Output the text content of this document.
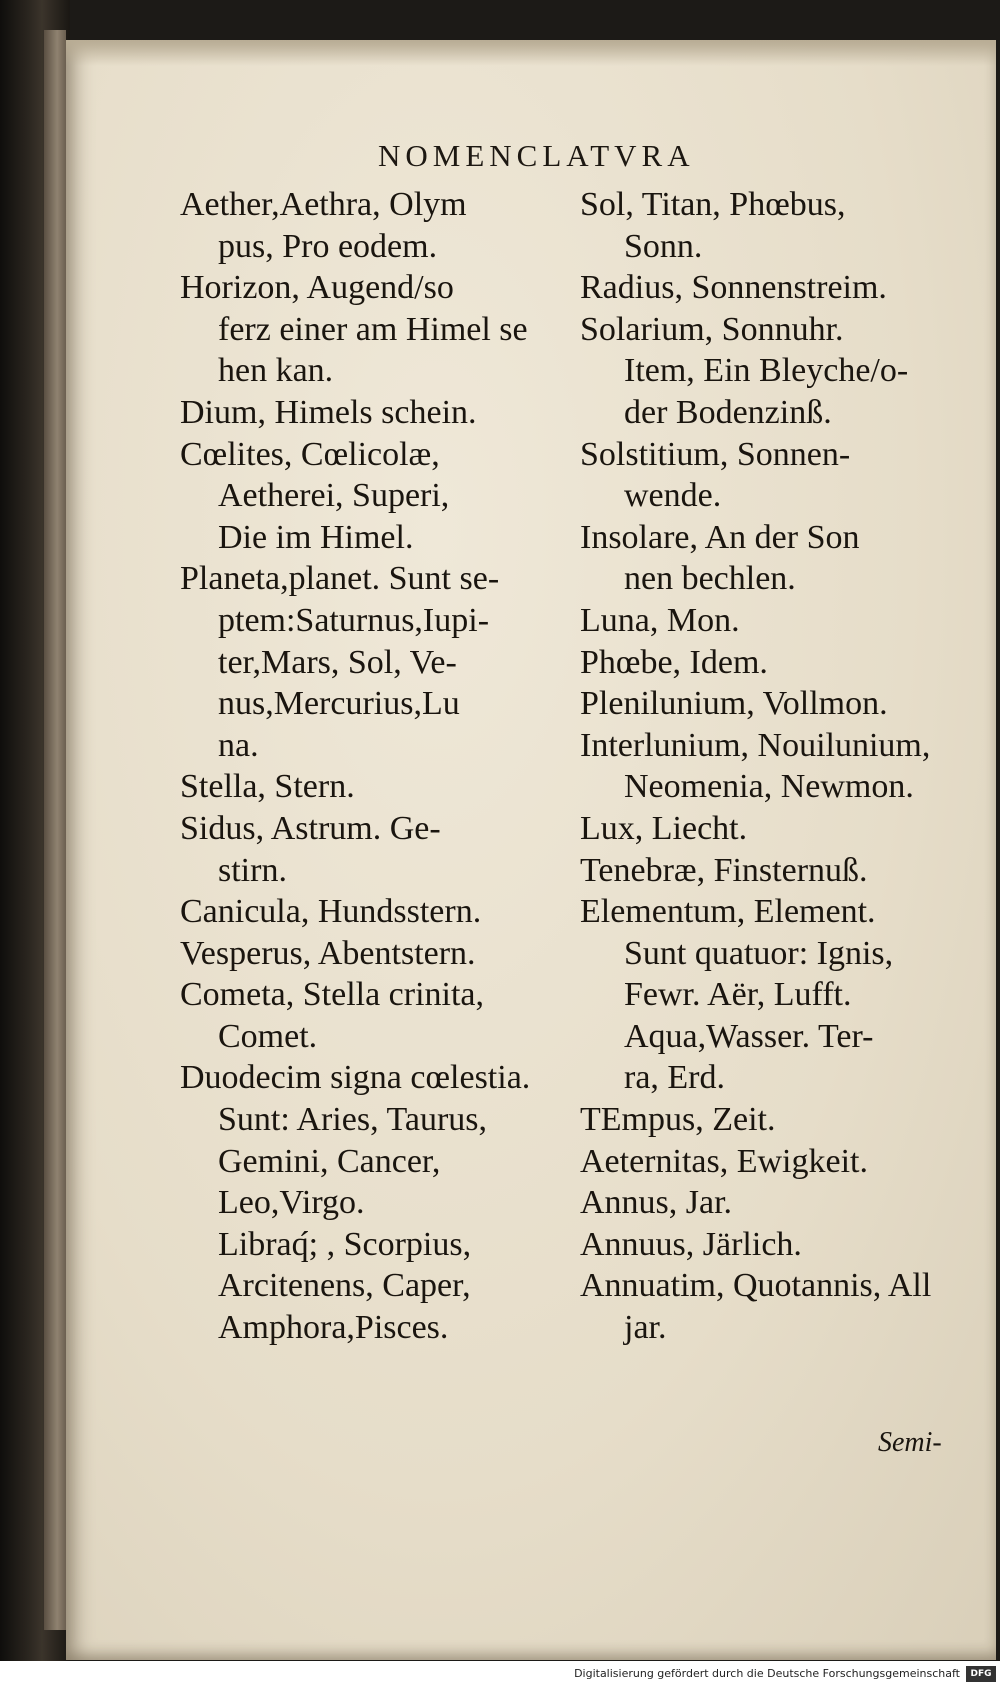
NOMENCLATVRA
Aether,Aethra, Olym
pus, Pro eodem.
Horizon, Augend/so
ferz einer am Himel se
hen kan.
Dium, Himels schein.
Cœlites, Cœlicolæ,
Aetherei, Superi,
Die im Himel.
Planeta,planet. Sunt se-
ptem:Saturnus,Iupi-
ter,Mars, Sol, Ve-
nus,Mercurius,Lu
na.
Stella, Stern.
Sidus, Astrum. Ge-
stirn.
Canicula, Hundsstern.
Vesperus, Abentstern.
Cometa, Stella crinita,
Comet.
Duodecim signa cœlestia.
Sunt: Aries, Taurus,
Gemini, Cancer,
Leo,Virgo.
Libraq́; , Scorpius,
Arcitenens, Caper,
Amphora,Pisces.
Sol, Titan, Phœbus,
Sonn.
Radius, Sonnenstreim.
Solarium, Sonnuhr.
Item, Ein Bleyche/o-
der Bodenzinß.
Solstitium, Sonnen-
wende.
Insolare, An der Son
nen bechlen.
Luna, Mon.
Phœbe, Idem.
Plenilunium, Vollmon.
Interlunium, Nouilunium,
Neomenia, Newmon.
Lux, Liecht.
Tenebræ, Finsternuß.
Elementum, Element.
Sunt quatuor: Ignis,
Fewr. Aër, Lufft.
Aqua,Wasser. Ter-
ra, Erd.
TEmpus, Zeit.
Aeternitas, Ewigkeit.
Annus, Jar.
Annuus, Järlich.
Annuatim, Quotannis, All
jar.
Semi-
Digitalisierung gefördert durch die Deutsche Forschungsgemeinschaft	DFG
